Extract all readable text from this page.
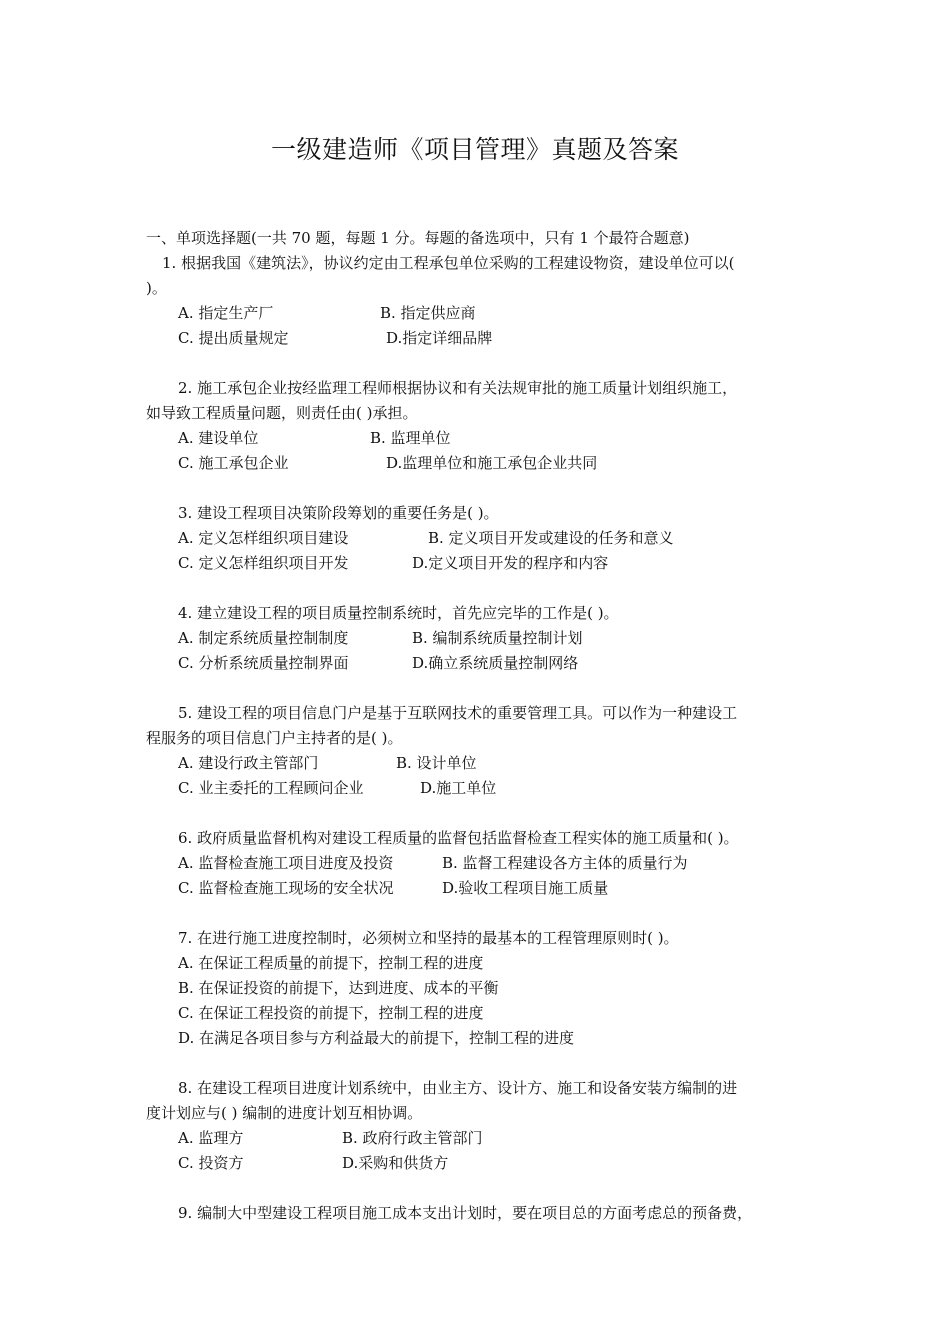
一级建造师《项目管理》真题及答案
一、单项选择题(一共 70 题，每题 1 分。每题的备选项中，只有 1 个最符合题意)
1. 根据我国《建筑法》，协议约定由工程承包单位采购的工程建设物资，建设单位可以(
)。
A. 指定生产厂	B. 指定供应商
C. 提出质量规定	D.指定详细品牌
2. 施工承包企业按经监理工程师根据协议和有关法规审批的施工质量计划组织施工，
如导致工程质量问题，则责任由( )承担。
A. 建设单位	B. 监理单位
C. 施工承包企业	D.监理单位和施工承包企业共同
3. 建设工程项目决策阶段筹划的重要任务是( )。
A. 定义怎样组织项目建设	B. 定义项目开发或建设的任务和意义
C. 定义怎样组织项目开发	D.定义项目开发的程序和内容
4. 建立建设工程的项目质量控制系统时，首先应完毕的工作是( )。
A. 制定系统质量控制制度	B. 编制系统质量控制计划
C. 分析系统质量控制界面	D.确立系统质量控制网络
5. 建设工程的项目信息门户是基于互联网技术的重要管理工具。可以作为一种建设工
程服务的项目信息门户主持者的是( )。
A. 建设行政主管部门	B. 设计单位
C. 业主委托的工程顾问企业	D.施工单位
6. 政府质量监督机构对建设工程质量的监督包括监督检查工程实体的施工质量和( )。
A. 监督检查施工项目进度及投资	B. 监督工程建设各方主体的质量行为
C. 监督检查施工现场的安全状况	D.验收工程项目施工质量
7. 在进行施工进度控制时，必须树立和坚持的最基本的工程管理原则时( )。
A. 在保证工程质量的前提下，控制工程的进度
B. 在保证投资的前提下，达到进度、成本的平衡
C. 在保证工程投资的前提下，控制工程的进度
D. 在满足各项目参与方利益最大的前提下，控制工程的进度
8. 在建设工程项目进度计划系统中，由业主方、设计方、施工和设备安装方编制的进
度计划应与( ) 编制的进度计划互相协调。
A. 监理方	B. 政府行政主管部门
C. 投资方	D.采购和供货方
9. 编制大中型建设工程项目施工成本支出计划时，要在项目总的方面考虑总的预备费，
